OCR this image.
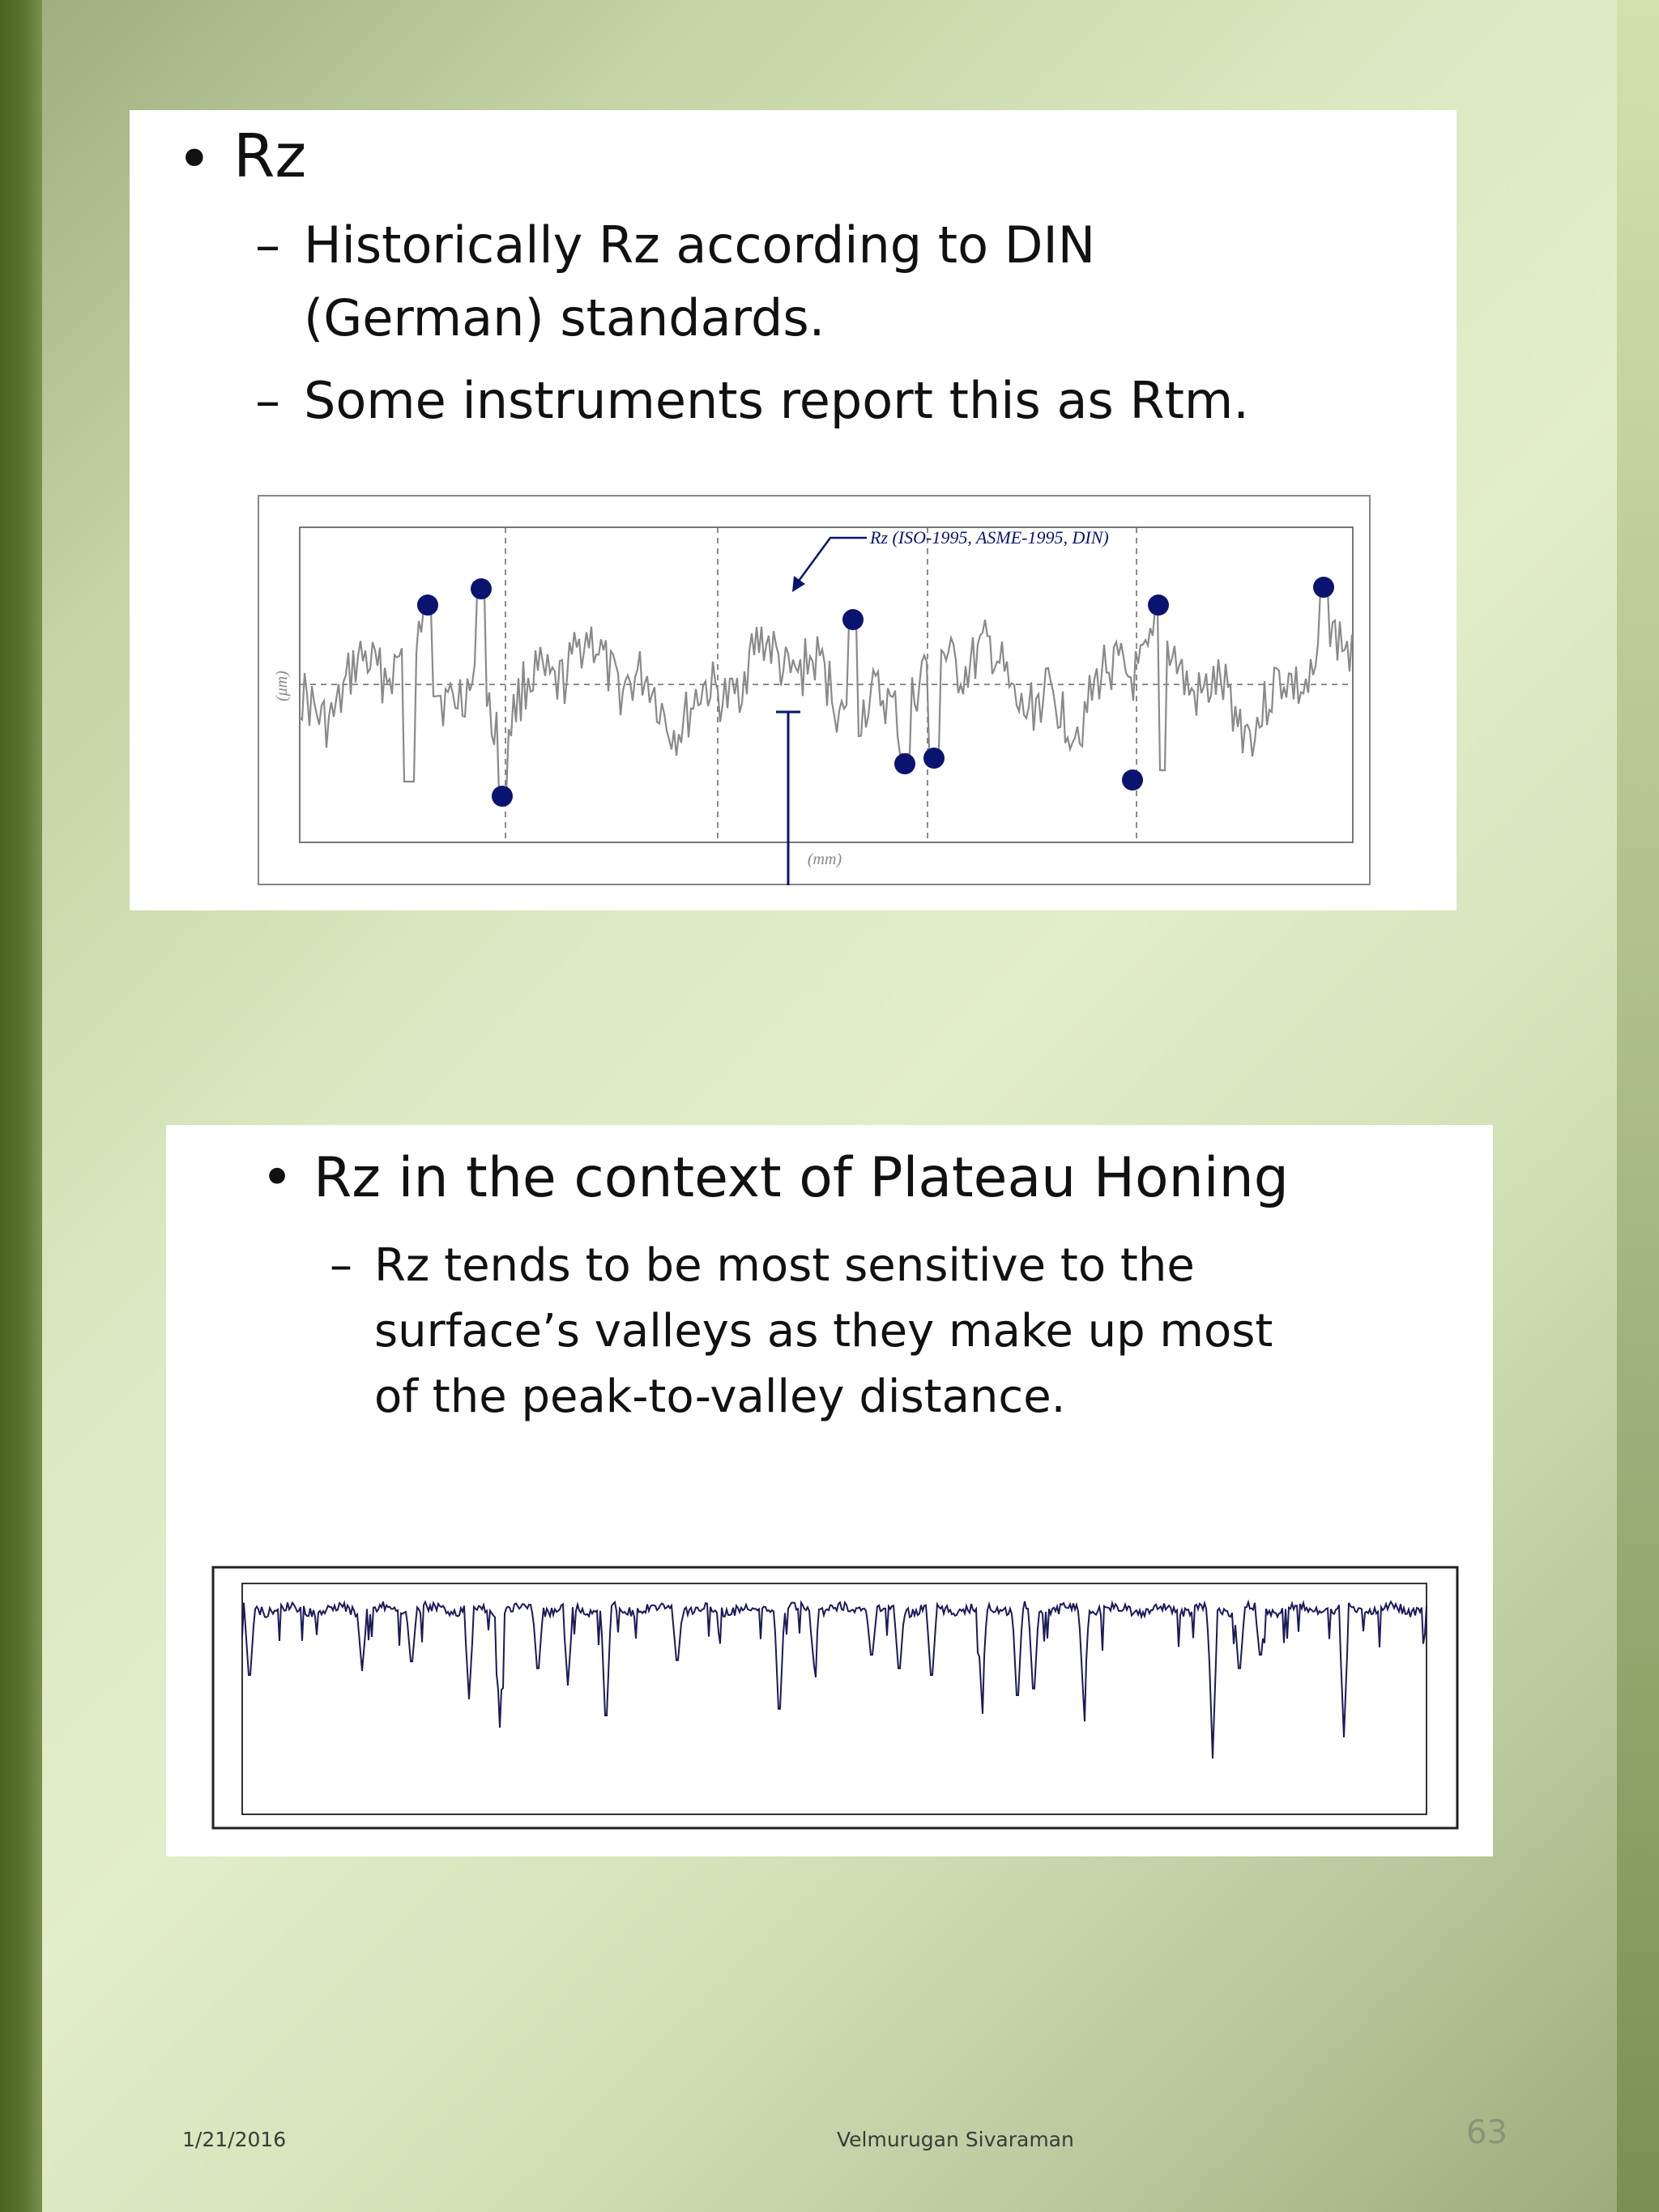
• Rz
– Historically Rz according to DIN
(German) standards.
– Some instruments report this as Rtm.
Rz (ISO-1995, ASME-1995, DIN)
(μm)
(mm)
• Rz in the context of Plateau Honing
– Rz tends to be most sensitive to the
surface’s valleys as they make up most
of the peak-to-valley distance.
1/21/2016	Velmurugan Sivaraman	63
